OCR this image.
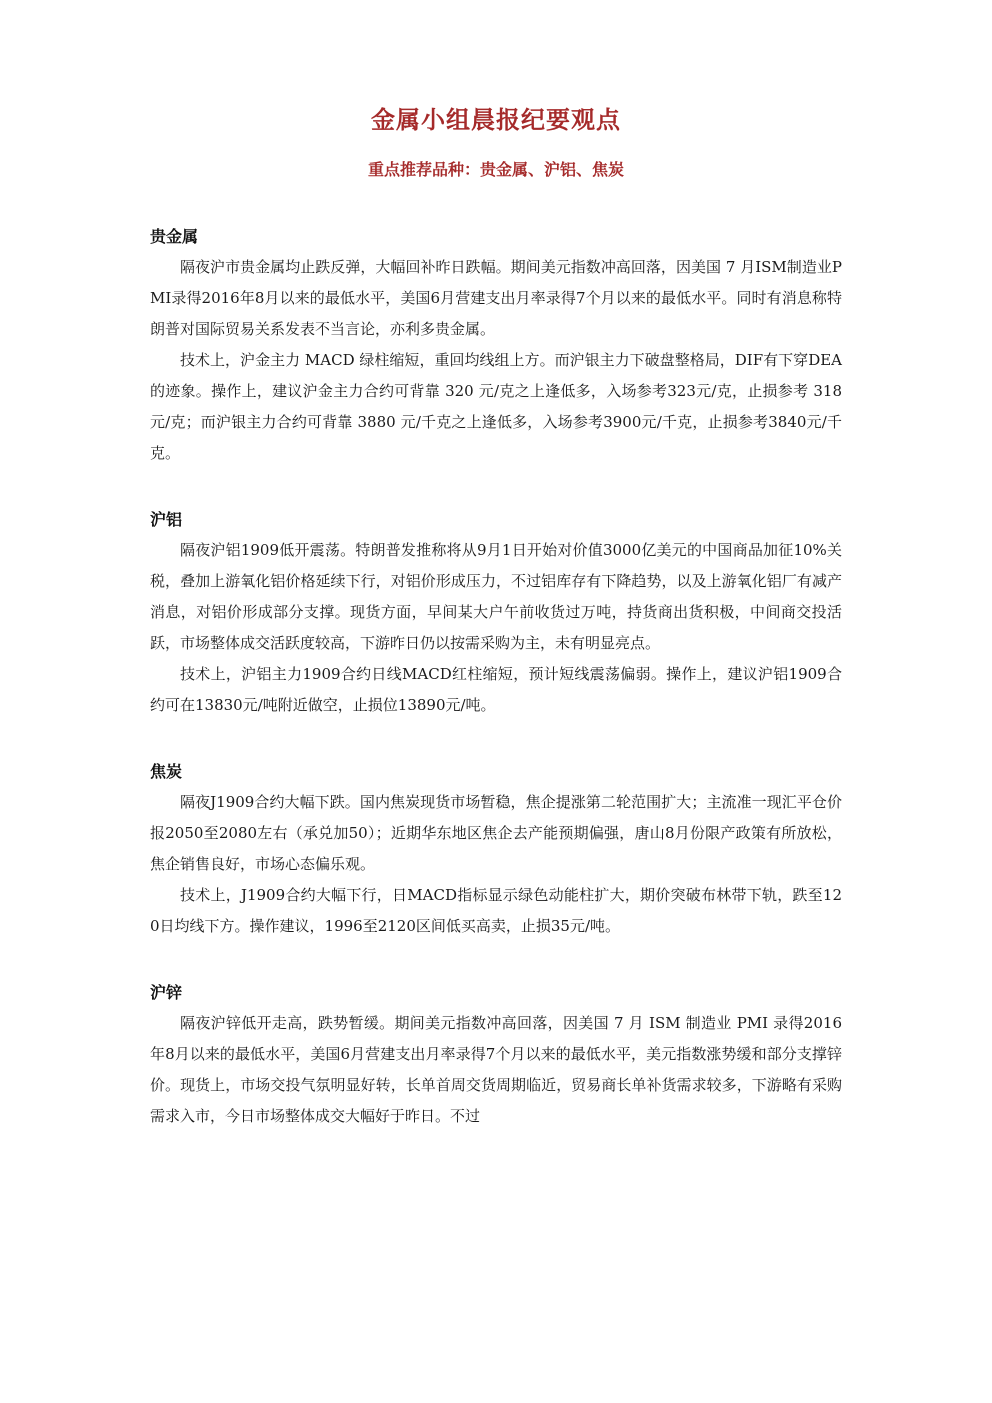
金属小组晨报纪要观点
重点推荐品种：贵金属、沪铝、焦炭
贵金属

隔夜沪市贵金属均止跌反弹，大幅回补昨日跌幅。期间美元指数冲高回落，因美国 7 月ISM制造业PMI录得2016年8月以来的最低水平，美国6月营建支出月率录得7个月以来的最低水平。同时有消息称特朗普对国际贸易关系发表不当言论，亦利多贵金属。

技术上，沪金主力 MACD 绿柱缩短，重回均线组上方。而沪银主力下破盘整格局，DIF有下穿DEA的迹象。操作上，建议沪金主力合约可背靠 320 元/克之上逢低多，入场参考323元/克，止损参考 318 元/克；而沪银主力合约可背靠 3880 元/千克之上逢低多，入场参考3900元/千克，止损参考3840元/千克。

沪铝

隔夜沪铝1909低开震荡。特朗普发推称将从9月1日开始对价值3000亿美元的中国商品加征10%关税，叠加上游氧化铝价格延续下行，对铝价形成压力，不过铝库存有下降趋势，以及上游氧化铝厂有减产消息，对铝价形成部分支撑。现货方面，早间某大户午前收货过万吨，持货商出货积极，中间商交投活跃，市场整体成交活跃度较高，下游昨日仍以按需采购为主，未有明显亮点。

技术上，沪铝主力1909合约日线MACD红柱缩短，预计短线震荡偏弱。操作上，建议沪铝1909合约可在13830元/吨附近做空，止损位13890元/吨。

焦炭

隔夜J1909合约大幅下跌。国内焦炭现货市场暂稳，焦企提涨第二轮范围扩大；主流准一现汇平仓价报2050至2080左右（承兑加50）；近期华东地区焦企去产能预期偏强，唐山8月份限产政策有所放松，焦企销售良好，市场心态偏乐观。

技术上，J1909合约大幅下行，日MACD指标显示绿色动能柱扩大，期价突破布林带下轨，跌至120日均线下方。操作建议，1996至2120区间低买高卖，止损35元/吨。

沪锌

隔夜沪锌低开走高，跌势暂缓。期间美元指数冲高回落，因美国 7 月 ISM 制造业 PMI 录得2016年8月以来的最低水平，美国6月营建支出月率录得7个月以来的最低水平，美元指数涨势缓和部分支撑锌价。现货上，市场交投气氛明显好转，长单首周交货周期临近，贸易商长单补货需求较多，下游略有采购需求入市，今日市场整体成交大幅好于昨日。不过
